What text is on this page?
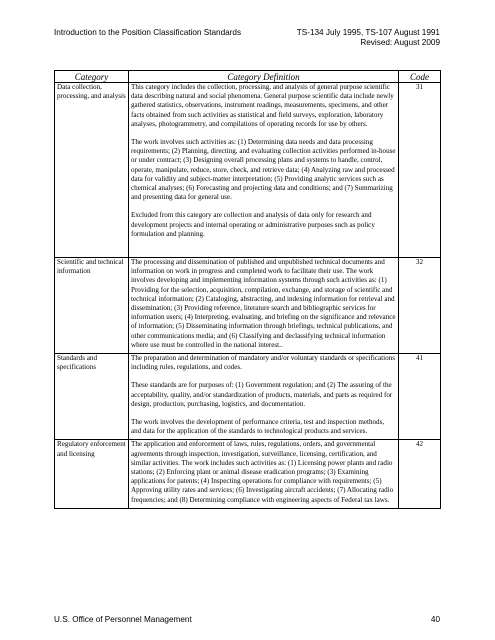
Introduction to the Position Classification Standards	TS-134 July 1995, TS-107 August 1991
Revised: August 2009
Category	Category Definition	Code
Data collection, processing, and analysis	This category includes the collection, processing, and analysis of general purpose scientific data describing natural and social phenomena. General purpose scientific data include newly gathered statistics, observations, instrument readings, measurements, specimens, and other facts obtained from such activities as statistical and field surveys, exploration, laboratory analyses, photogrammetry, and compilations of operating records for use by others.

The work involves such activities as: (1) Determining data needs and data processing requirements; (2) Planning, directing, and evaluating collection activities performed in-house or under contract; (3) Designing overall processing plans and systems to handle, control, operate, manipulate, reduce, store, check, and retrieve data; (4) Analyzing raw and processed data for validity and subject-matter interpretation; (5) Providing analytic services such as chemical analyses; (6) Forecasting and projecting data and conditions; and (7) Summarizing and presenting data for general use.

Excluded from this category are collection and analysis of data only for research and development projects and internal operating or administrative purposes such as policy formulation and planning.	31
Scientific and technical information	The processing and dissemination of published and unpublished technical documents and information on work in progress and completed work to facilitate their use. The work involves developing and implementing information systems through such activities as: (1) Providing for the selection, acquisition, compilation, exchange, and storage of scientific and technical information; (2) Cataloging, abstracting, and indexing information for retrieval and dissemination; (3) Providing reference, literature search and bibliographic services for information users; (4) Interpreting, evaluating, and briefing on the significance and relevance of information; (5) Disseminating information through briefings, technical publications, and other communications media; and (6) Classifying and declassifying technical information where use must be controlled in the national interest..	32
Standards and specifications	The preparation and determination of mandatory and/or voluntary standards or specifications including rules, regulations, and codes.

These standards are for purposes of: (1) Government regulation; and (2) The assuring of the acceptability, quality, and/or standardization of products, materials, and parts as required for design, production, purchasing, logistics, and documentation.

The work involves the development of performance criteria, test and inspection methods, and data for the application of the standards to technological products and services.	41
Regulatory enforcement and licensing	The application and enforcement of laws, rules, regulations, orders, and governmental agreements through inspection, investigation, surveillance, licensing, certification, and similar activities. The work includes such activities as: (1) Licensing power plants and radio stations; (2) Enforcing plant or animal disease eradication programs; (3) Examining applications for patents; (4) Inspecting operations for compliance with requirements; (5) Approving utility rates and services; (6) Investigating aircraft accidents; (7) Allocating radio frequencies; and (8) Determining compliance with engineering aspects of Federal tax laws.	42
U.S. Office of Personnel Management	40
